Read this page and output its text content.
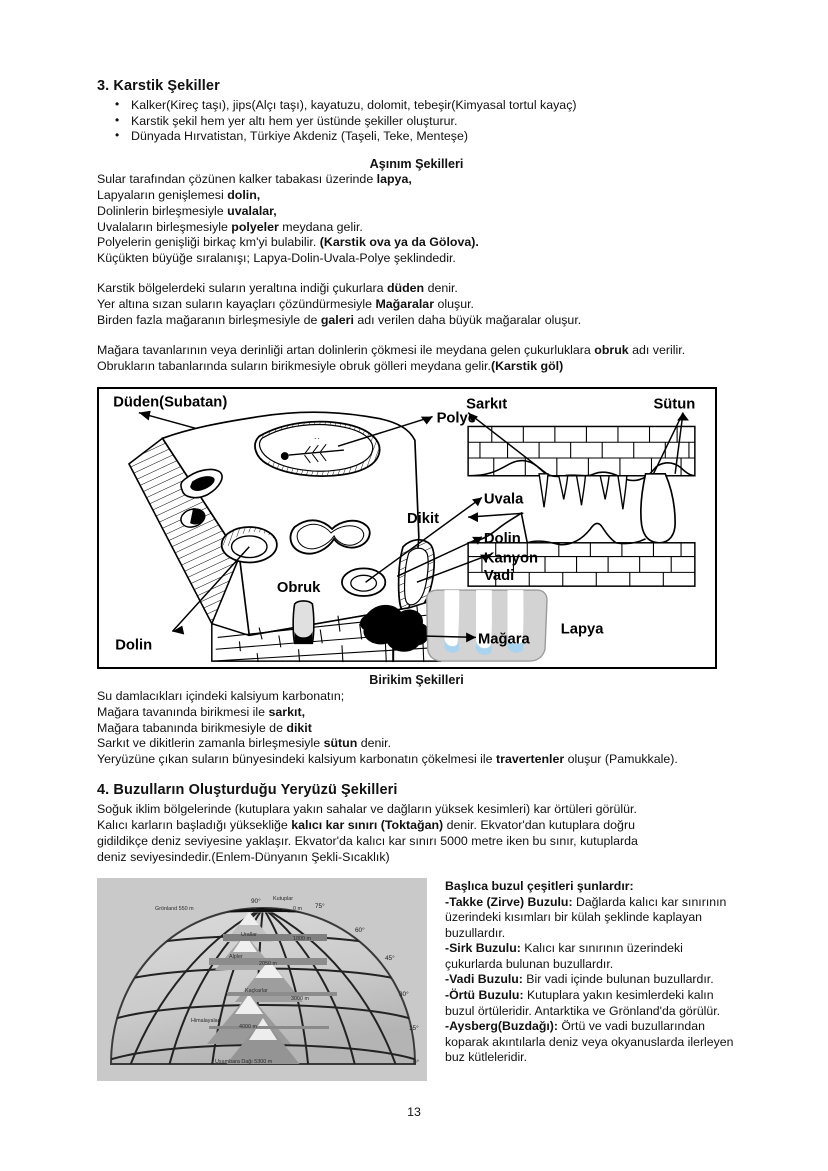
3. Karstik Şekiller
• Kalker(Kireç taşı), jips(Alçı taşı), kayatuzu, dolomit, tebeşir(Kimyasal tortul kayaç)
• Karstik şekil hem yer altı hem yer üstünde şekiller oluşturur.
• Dünyada Hırvatistan, Türkiye Akdeniz (Taşeli, Teke, Menteşe)
Aşınım Şekilleri

Sular tarafından çözünen kalker tabakası üzerinde lapya,

Lapyaların genişlemesi dolin,

Dolinlerin birleşmesiyle uvalalar,

Uvalaların birleşmesiyle polyeler meydana gelir.

Polyelerin genişliği birkaç km'yi bulabilir. (Karstik ova ya da Gölova).

Küçükten büyüğe sıralanışı; Lapya-Dolin-Uvala-Polye şeklindedir.

Karstik bölgelerdeki suların yeraltına indiği çukurlara düden denir.

Yer altına sızan suların kayaçları çözündürmesiyle Mağaralar oluşur.

Birden fazla mağaranın birleşmesiyle de galeri adı verilen daha büyük mağaralar oluşur.

Mağara tavanlarının veya derinliği artan dolinlerin çökmesi ile meydana gelen çukurluklara obruk adı verilir.

Obrukların tabanlarında suların birikmesiyle obruk gölleri meydana gelir.(Karstik göl)

· ·
Düden(Subatan)
Polye
Uvala
Dolin
Kanyon
Vadi
Obruk
Mağara
Dolin
Sarkıt	Sütun
Dikit
Lapya
Birikim Şekilleri

Su damlacıkları içindeki kalsiyum karbonatın;

Mağara tavanında birikmesi ile sarkıt,

Mağara tabanında birikmesiyle de dikit

Sarkıt ve dikitlerin zamanla birleşmesiyle sütun denir.

Yeryüzüne çıkan suların bünyesindeki kalsiyum karbonatın çökelmesi ile travertenler oluşur (Pamukkale).

4. Buzulların Oluşturduğu Yeryüzü Şekilleri

Soğuk iklim bölgelerinde (kutuplara yakın sahalar ve dağların yüksek kesimleri) kar örtüleri görülür.

Kalıcı karların başladığı yüksekliğe kalıcı kar sınırı (Toktağan) denir. Ekvator'dan kutuplara doğru

gidildikçe deniz seviyesine yaklaşır. Ekvator'da kalıcı kar sınırı 5000 metre iken bu sınır, kutuplarda

deniz seviyesindedir.(Enlem-Dünyanın Şekli-Sıcaklık)

Grönland 550 m
Kutuplar
0 m
Urallar
1000 m
Alpler
2050 m
Kaçkarlar
3000 m
Himalayalar
4000 m
Usambara Dağı 5300 m
90°
75°
60°
45°
30°
15°
0°

Başlıca buzul çeşitleri şunlardır:

-Takke (Zirve) Buzulu: Dağlarda kalıcı kar sınırının üzerindeki kısımları bir külah şeklinde kaplayan buzullardır.

-Sirk Buzulu: Kalıcı kar sınırının üzerindeki çukurlarda bulunan buzullardır.

-Vadi Buzulu: Bir vadi içinde bulunan buzullardır.

-Örtü Buzulu: Kutuplara yakın kesimlerdeki kalın buzul örtüleridir. Antarktika ve Grönland'da görülür.

-Aysberg(Buzdağı): Örtü ve vadi buzullarından koparak akıntılarla deniz veya okyanuslarda ilerleyen buz kütleleridir.

13
